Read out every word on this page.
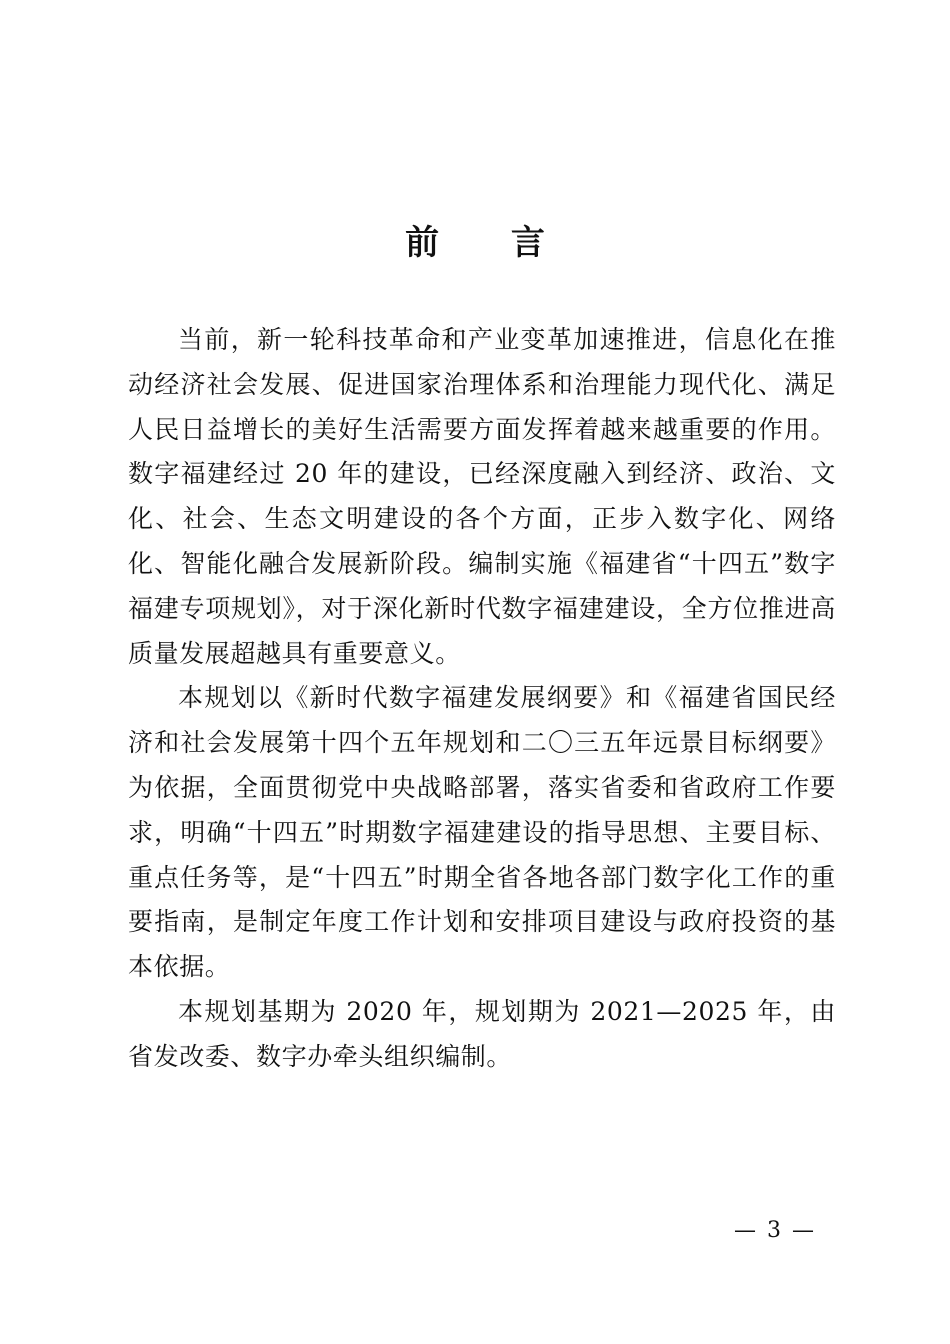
前 言

当前，新一轮科技革命和产业变革加速推进，信息化在推动经济社会发展、促进国家治理体系和治理能力现代化、满足人民日益增长的美好生活需要方面发挥着越来越重要的作用。数字福建经过 20 年的建设，已经深度融入到经济、政治、文化、社会、生态文明建设的各个方面，正步入数字化、网络化、智能化融合发展新阶段。编制实施《福建省“十四五”数字福建专项规划》，对于深化新时代数字福建建设，全方位推进高质量发展超越具有重要意义。

本规划以《新时代数字福建发展纲要》和《福建省国民经济和社会发展第十四个五年规划和二〇三五年远景目标纲要》为依据，全面贯彻党中央战略部署，落实省委和省政府工作要求，明确“十四五”时期数字福建建设的指导思想、主要目标、重点任务等，是“十四五”时期全省各地各部门数字化工作的重要指南，是制定年度工作计划和安排项目建设与政府投资的基本依据。

本规划基期为 2020 年，规划期为 2021—2025 年，由省发改委、数字办牵头组织编制。

— 3 —
